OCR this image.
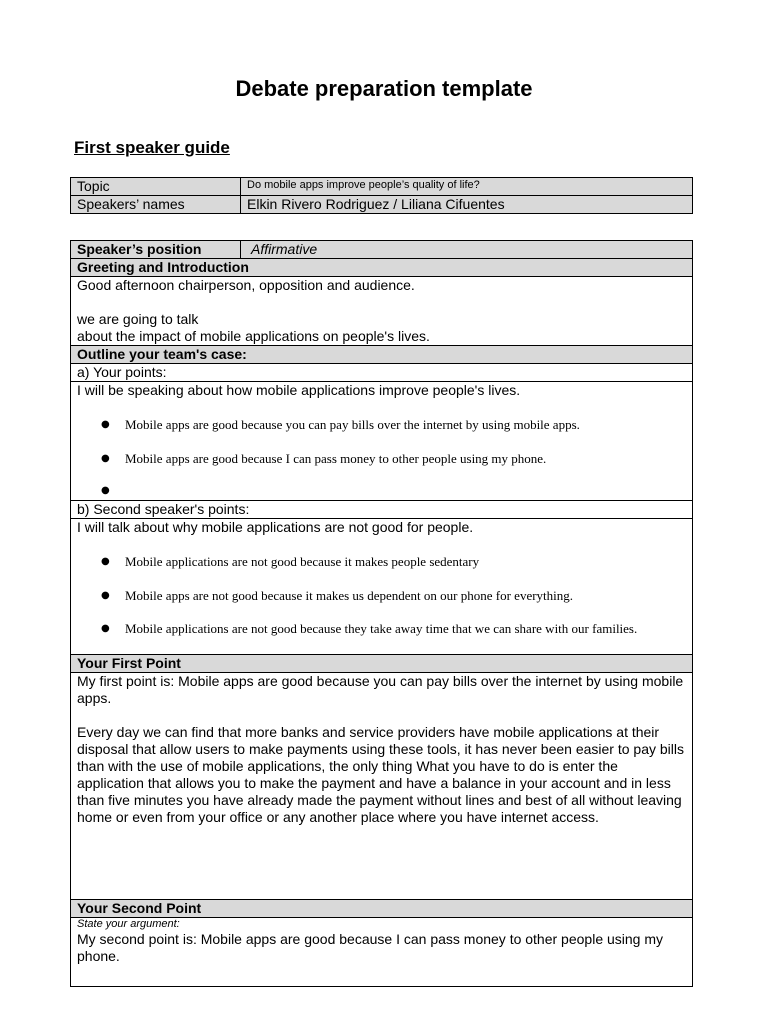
Debate preparation template
First speaker guide
Topic	Do mobile apps improve people’s quality of life?
Speakers’ names	Elkin Rivero Rodriguez / Liliana Cifuentes
Speaker’s position	Affirmative
Greeting and Introduction

Good afternoon chairperson, opposition and audience.

we are going to talk

about the impact of mobile applications on people's lives.

Outline your team's case:
a) Your points:

I will be speaking about how mobile applications improve people's lives.

● Mobile apps are good because you can pay bills over the internet by using mobile apps.
● Mobile apps are good because I can pass money to other people using my phone.
●

b) Second speaker's points:

I will talk about why mobile applications are not good for people.

● Mobile applications are not good because it makes people sedentary
● Mobile apps are not good because it makes us dependent on our phone for everything.
● Mobile applications are not good because they take away time that we can share with our families.

Your First Point

My first point is: Mobile apps are good because you can pay bills over the internet by using mobile apps.

Every day we can find that more banks and service providers have mobile applications at their disposal that allow users to make payments using these tools, it has never been easier to pay bills than with the use of mobile applications, the only thing What you have to do is enter the application that allows you to make the payment and have a balance in your account and in less than five minutes you have already made the payment without lines and best of all without leaving home or even from your office or any another place where you have internet access.

Your Second Point

State your argument:

My second point is: Mobile apps are good because I can pass money to other people using my phone.
